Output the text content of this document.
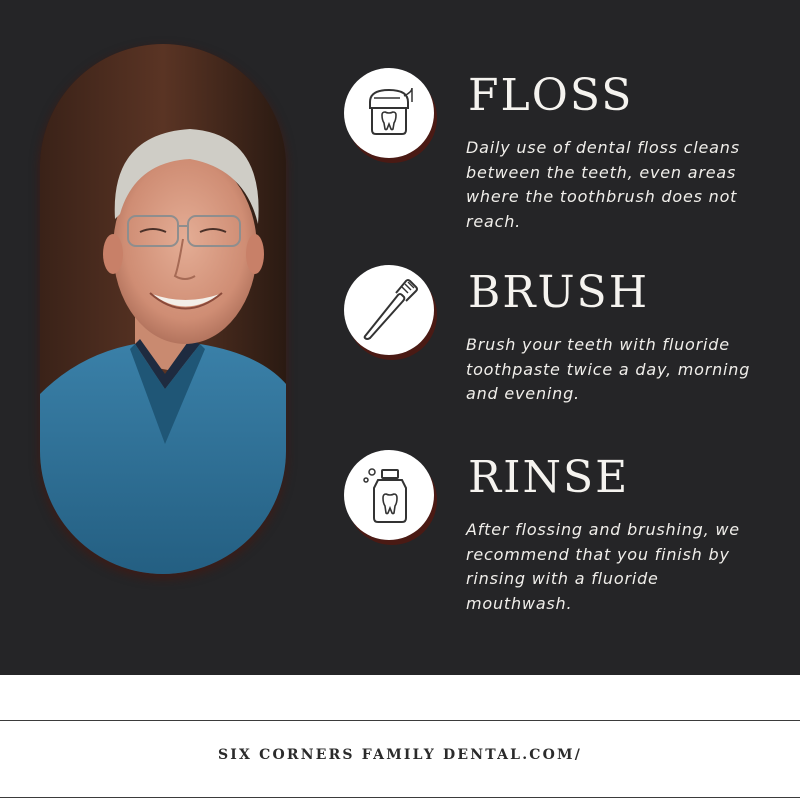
FLOSS

Daily use of dental floss cleans between the teeth, even areas where the toothbrush does not reach.

BRUSH

Brush your teeth with fluoride toothpaste twice a day, morning and evening.

RINSE

After flossing and brushing, we recommend that you finish by rinsing with a fluoride mouthwash.

SIX CORNERS FAMILY DENTAL.COM/
